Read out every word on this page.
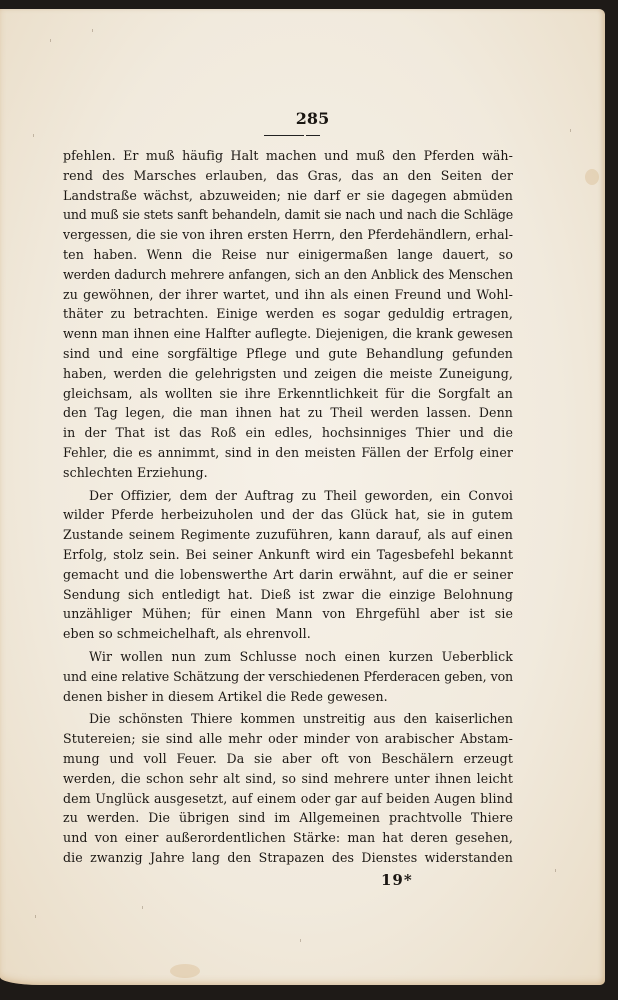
285
pfehlen. Er muß häufig Halt machen und muß den Pferden wäh-
rend des Marsches erlauben, das Gras, das an den Seiten der
Landstraße wächst, abzuweiden; nie darf er sie dagegen abmüden
und muß sie stets sanft behandeln, damit sie nach und nach die Schläge
vergessen, die sie von ihren ersten Herrn, den Pferdehändlern, erhal-
ten haben. Wenn die Reise nur einigermaßen lange dauert, so
werden dadurch mehrere anfangen, sich an den Anblick des Menschen
zu gewöhnen, der ihrer wartet, und ihn als einen Freund und Wohl-
thäter zu betrachten. Einige werden es sogar geduldig ertragen,
wenn man ihnen eine Halfter auflegte. Diejenigen, die krank gewesen
sind und eine sorgfältige Pflege und gute Behandlung gefunden
haben, werden die gelehrigsten und zeigen die meiste Zuneigung,
gleichsam, als wollten sie ihre Erkenntlichkeit für die Sorgfalt an
den Tag legen, die man ihnen hat zu Theil werden lassen. Denn
in der That ist das Roß ein edles, hochsinniges Thier und die
Fehler, die es annimmt, sind in den meisten Fällen der Erfolg einer
schlechten Erziehung.
Der Offizier, dem der Auftrag zu Theil geworden, ein Convoi
wilder Pferde herbeizuholen und der das Glück hat, sie in gutem
Zustande seinem Regimente zuzuführen, kann darauf, als auf einen
Erfolg, stolz sein. Bei seiner Ankunft wird ein Tagesbefehl bekannt
gemacht und die lobenswerthe Art darin erwähnt, auf die er seiner
Sendung sich entledigt hat. Dieß ist zwar die einzige Belohnung
unzähliger Mühen; für einen Mann von Ehrgefühl aber ist sie
eben so schmeichelhaft, als ehrenvoll.
Wir wollen nun zum Schlusse noch einen kurzen Ueberblick
und eine relative Schätzung der verschiedenen Pferderacen geben, von
denen bisher in diesem Artikel die Rede gewesen.
Die schönsten Thiere kommen unstreitig aus den kaiserlichen
Stutereien; sie sind alle mehr oder minder von arabischer Abstam-
mung und voll Feuer. Da sie aber oft von Beschälern erzeugt
werden, die schon sehr alt sind, so sind mehrere unter ihnen leicht
dem Unglück ausgesetzt, auf einem oder gar auf beiden Augen blind
zu werden. Die übrigen sind im Allgemeinen prachtvolle Thiere
und von einer außerordentlichen Stärke: man hat deren gesehen,
die zwanzig Jahre lang den Strapazen des Dienstes widerstanden
19*
